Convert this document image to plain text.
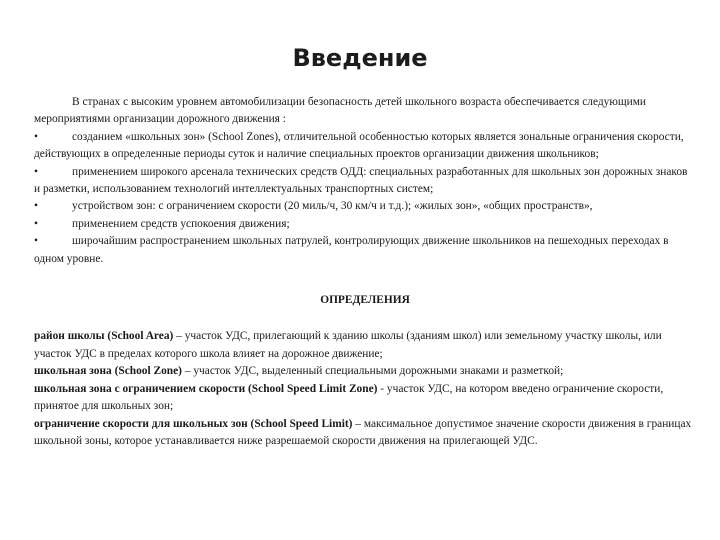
Введение

В странах с высоким уровнем автомобилизации безопасность детей школьного возраста обеспечивается следующими мероприятиями организации дорожного движения :

•	созданием «школьных зон» (School Zones), отличительной особенностью которых является зональные ограничения скорости, действующих в определенные периоды суток и наличие специальных проектов организации движения школьников;

•	применением широкого арсенала технических средств ОДД: специальных разработанных для школьных зон дорожных знаков и разметки, использованием технологий интеллектуальных транспортных систем;

•	устройством зон: с ограничением скорости (20 миль/ч, 30 км/ч и т.д.); «жилых зон», «общих пространств»,

•	применением средств успокоения движения;

•	широчайшим распространением школьных патрулей, контролирующих движение школьников на пешеходных переходах в одном уровне.

ОПРЕДЕЛЕНИЯ

район школы (School Area) – участок УДС, прилегающий к зданию школы (зданиям школ) или земельному участку школы, или участок УДС в пределах которого школа влияет на дорожное движение;

школьная зона (School Zone) – участок УДС, выделенный специальными дорожными знаками и разметкой;

школьная зона с ограничением скорости (School Speed Limit Zone) - участок УДС, на котором введено ограничение скорости, принятое для школьных зон;

ограничение скорости для школьных зон (School Speed Limit) – максимальное допустимое значение скорости движения в границах школьной зоны, которое устанавливается ниже разрешаемой скорости движения на прилегающей УДС.
